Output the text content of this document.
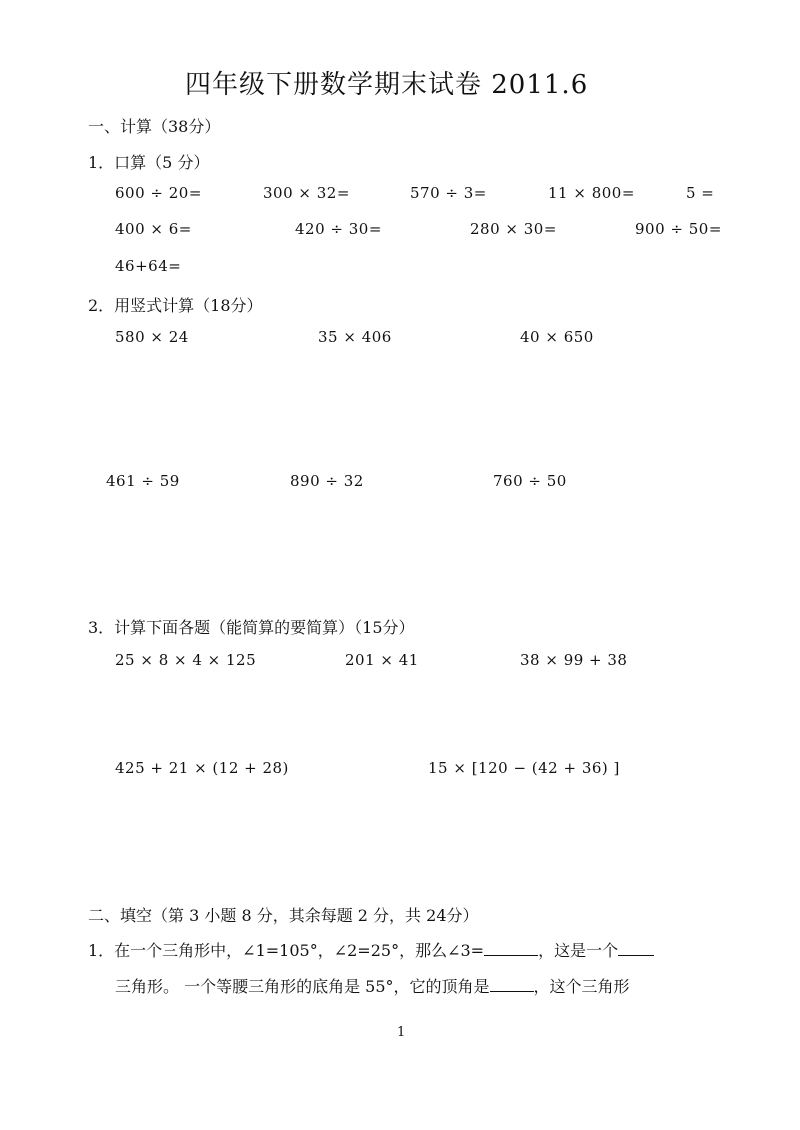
四年级下册数学期末试卷 2011.6
一、计算（38分）
1．口算（5 分）
600 ÷ 20=	300 × 32=	570 ÷ 3=	11 × 800=	5 =
400 × 6=	420 ÷ 30=	280 × 30=	900 ÷ 50=
46+64=
2．用竖式计算（18分）
580 × 24	35 × 406	40 × 650
461 ÷ 59	890 ÷ 32	760 ÷ 50
3．计算下面各题（能简算的要简算）（15分）
25 × 8 × 4 × 125	201 × 41	38 × 99 + 38
425 + 21 × (12 + 28)	15 × [120 − (42 + 36) ]
二、填空（第 3 小题 8 分，其余每题 2 分，共 24分）
1．在一个三角形中，∠1=105°，∠2=25°，那么∠3=	，这是一个
三角形。 一个等腰三角形的底角是 55°，它的顶角是	，这个三角形
1
